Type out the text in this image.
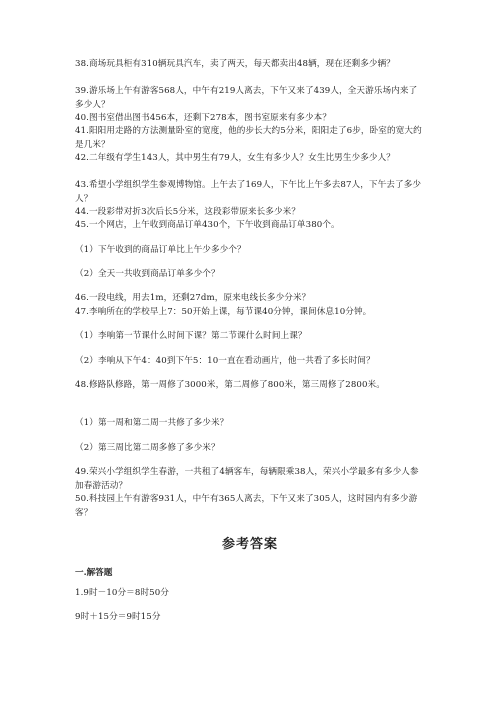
38.商场玩具柜有310辆玩具汽车，卖了两天，每天都卖出48辆，现在还剩多少辆？
39.游乐场上午有游客568人，中午有219人离去，下午又来了439人，全天游乐场内来了多少人？
40.图书室借出图书456本，还剩下278本，图书室原来有多少本？
41.阳阳用走路的方法测量卧室的宽度，他的步长大约5分米，阳阳走了6步，卧室的宽大约是几米？
42.二年级有学生143人，其中男生有79人，女生有多少人？女生比男生少多少人？
43.希望小学组织学生参观博物馆。上午去了169人，下午比上午多去87人，下午去了多少人？
44.一段彩带对折3次后长5分米，这段彩带原来长多少米？
45.一个网店，上午收到商品订单430个，下午收到商品订单380个。
（1）下午收到的商品订单比上午少多少个？
（2）全天一共收到商品订单多少个？
46.一段电线，用去1m，还剩27dm，原来电线长多少分米？
47.李响所在的学校早上7：50开始上课，每节课40分钟，课间休息10分钟。
（1）李响第一节课什么时间下课？第二节课什么时间上课？
（2）李响从下午4：40到下午5：10一直在看动画片，他一共看了多长时间？
48.修路队修路，第一周修了3000米，第二周修了800米，第三周修了2800米。
（1）第一周和第二周一共修了多少米？
（2）第三周比第二周多修了多少米？
49.荣兴小学组织学生春游，一共租了4辆客车，每辆限乘38人，荣兴小学最多有多少人参加春游活动？
50.科技园上午有游客931人，中午有365人离去，下午又来了305人，这时园内有多少游客？
参考答案
一.解答题
1.9时－10分＝8时50分
9时＋15分＝9时15分
